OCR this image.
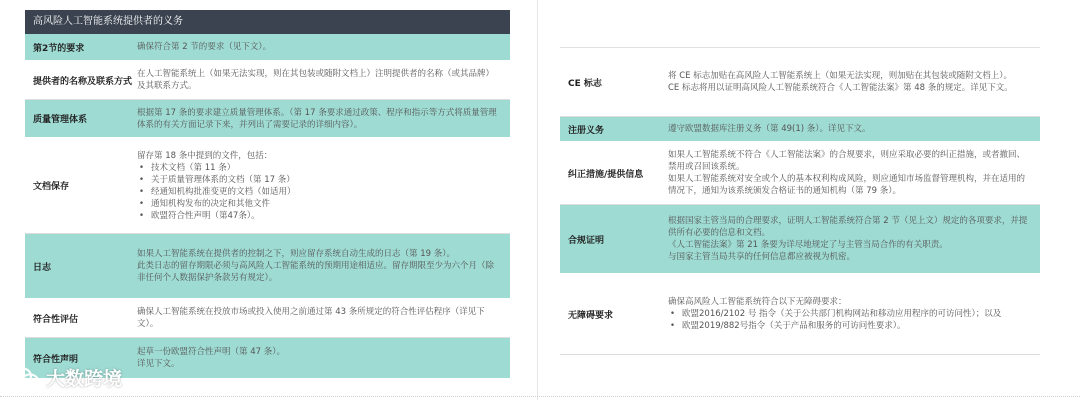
高风险人工智能系统提供者的义务
第2节的要求	确保符合第 2 节的要求（见下文）。

提供者的名称及联系方式

在人工智能系统上（如果无法实现，则在其包装或随附文档上）注明提供者的名称（或其品牌）及其联系方式。

质量管理体系

根据第 17 条的要求建立质量管理体系。（第 17 条要求通过政策、程序和指示等方式将质量管理体系的有关方面记录下来，并列出了需要记录的详细内容）。

文档保存

留存第 18 条中提到的文件，包括：

• 技术文档（第 11 条）
• 关于质量管理体系的文档（第 17 条）
• 经通知机构批准变更的文档（如适用）
• 通知机构发布的决定和其他文件
• 欧盟符合性声明（第47条）。
日志

如果人工智能系统在提供者的控制之下，则应留存系统自动生成的日志（第 19 条）。

此类日志的留存期限必须与高风险人工智能系统的预期用途相适应。留存期限至少为六个月（除非任何个人数据保护条款另有规定）。

符合性评估

确保人工智能系统在投放市场或投入使用之前通过第 43 条所规定的符合性评估程序（详见下文）。

符合性声明

起草一份欧盟符合性声明（第 47 条）。

详见下文。

CE 标志

将 CE 标志加贴在高风险人工智能系统上（如果无法实现，则加贴在其包装或随附文档上）。

CE 标志将用以证明高风险人工智能系统符合《人工智能法案》第 48 条的规定。详见下文。

注册义务	遵守欧盟数据库注册义务（第 49(1) 条）。详见下文。

纠正措施/提供信息

如果人工智能系统不符合《人工智能法案》的合规要求，则应采取必要的纠正措施，或者撤回、禁用或召回该系统。

如果人工智能系统对安全或个人的基本权利构成风险，则应通知市场监督管理机构，并在适用的情况下，通知为该系统颁发合格证书的通知机构（第 79 条）。

合规证明

根据国家主管当局的合理要求，证明人工智能系统符合第 2 节（见上文）规定的各项要求，并提供所有必要的信息和文档。

《人工智能法案》第 21 条要为详尽地规定了与主管当局合作的有关职责。

与国家主管当局共享的任何信息都应被视为机密。

无障碍要求

确保高风险人工智能系统符合以下无障碍要求：

• 欧盟2016/2102 号 指令（关于公共部门机构网站和移动应用程序的可访问性）；以及
• 欧盟2019/882号指令（关于产品和服务的可访问性要求）。
大数跨境
